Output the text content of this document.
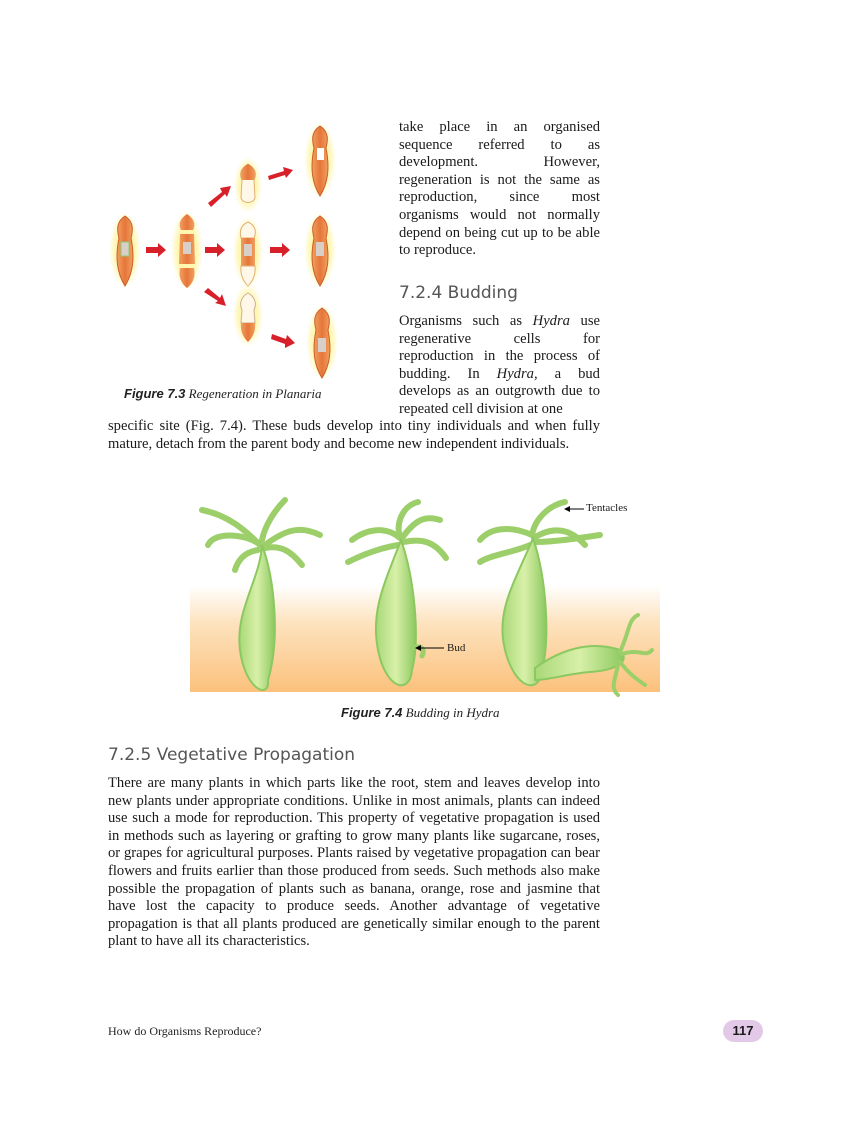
Figure 7.3 Regeneration in Planaria
take place in an organised sequence referred to as development. However, regeneration is not the same as reproduction, since most organisms would not normally depend on being cut up to be able to reproduce.
7.2.4 Budding
Organisms such as Hydra use regenerative cells for reproduction in the process of budding. In Hydra, a bud develops as an outgrowth due to repeated cell division at one
specific site (Fig. 7.4). These buds develop into tiny individuals and when fully mature, detach from the parent body and become new independent individuals.
Tentacles
Bud
Figure 7.4 Budding in Hydra
7.2.5 Vegetative Propagation
There are many plants in which parts like the root, stem and leaves develop into new plants under appropriate conditions. Unlike in most animals, plants can indeed use such a mode for reproduction. This property of vegetative propagation is used in methods such as layering or grafting to grow many plants like sugarcane, roses, or grapes for agricultural purposes. Plants raised by vegetative propagation can bear flowers and fruits earlier than those produced from seeds. Such methods also make possible the propagation of plants such as banana, orange, rose and jasmine that have lost the capacity to produce seeds. Another advantage of vegetative propagation is that all plants produced are genetically similar enough to the parent plant to have all its characteristics.
How do Organisms Reproduce?	117
